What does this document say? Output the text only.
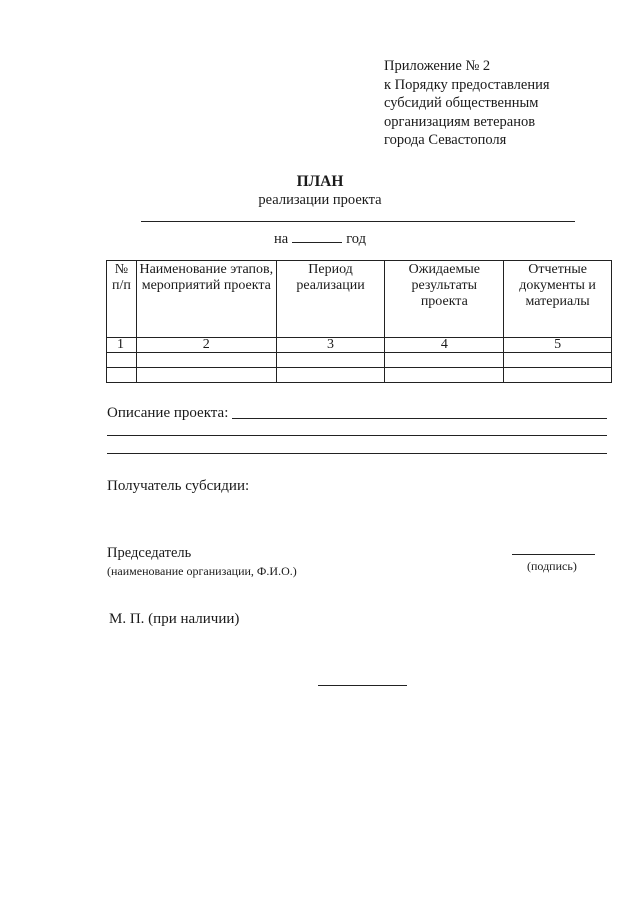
Приложение № 2
к Порядку предоставления
субсидий общественным
организациям ветеранов
города Севастополя
ПЛАН
реализации проекта
на	год
№ п/п	Наименование этапов, мероприятий проекта	Период реализации	Ожидаемые результаты проекта	Отчетные документы и материалы
1	2	3	4	5

Описание проекта:
Получатель субсидии:
Председатель
(наименование организации, Ф.И.О.)	(подпись)
М. П. (при наличии)
